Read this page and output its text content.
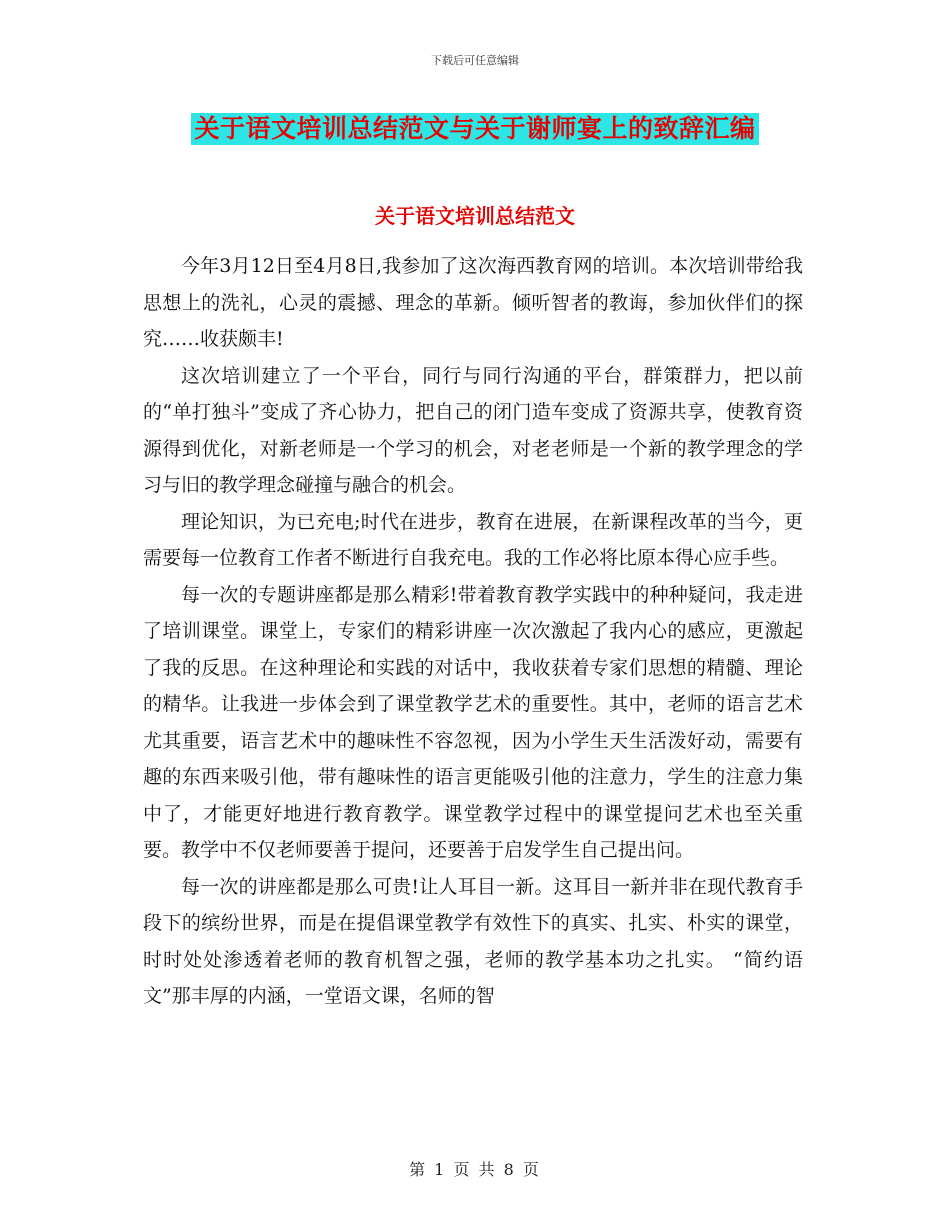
下载后可任意编辑
关于语文培训总结范文与关于谢师宴上的致辞汇编
关于语文培训总结范文

今年3月12日至4月8日,我参加了这次海西教育网的培训。本次培训带给我思想上的洗礼，心灵的震撼、理念的革新。倾听智者的教诲，参加伙伴们的探究……收获颇丰!

这次培训建立了一个平台，同行与同行沟通的平台，群策群力，把以前的“单打独斗”变成了齐心协力，把自己的闭门造车变成了资源共享，使教育资源得到优化，对新老师是一个学习的机会，对老老师是一个新的教学理念的学习与旧的教学理念碰撞与融合的机会。

理论知识，为已充电;时代在进步，教育在进展，在新课程改革的当今，更需要每一位教育工作者不断进行自我充电。我的工作必将比原本得心应手些。

每一次的专题讲座都是那么精彩!带着教育教学实践中的种种疑问，我走进了培训课堂。课堂上，专家们的精彩讲座一次次激起了我内心的感应，更激起了我的反思。在这种理论和实践的对话中，我收获着专家们思想的精髓、理论的精华。让我进一步体会到了课堂教学艺术的重要性。其中，老师的语言艺术尤其重要，语言艺术中的趣味性不容忽视，因为小学生天生活泼好动，需要有趣的东西来吸引他，带有趣味性的语言更能吸引他的注意力，学生的注意力集中了，才能更好地进行教育教学。课堂教学过程中的课堂提问艺术也至关重要。教学中不仅老师要善于提问，还要善于启发学生自己提出问。

每一次的讲座都是那么可贵!让人耳目一新。这耳目一新并非在现代教育手段下的缤纷世界，而是在提倡课堂教学有效性下的真实、扎实、朴实的课堂，时时处处渗透着老师的教育机智之强，老师的教学基本功之扎实。 “简约语文”那丰厚的内涵，一堂语文课，名师的智

第 1 页 共 8 页
